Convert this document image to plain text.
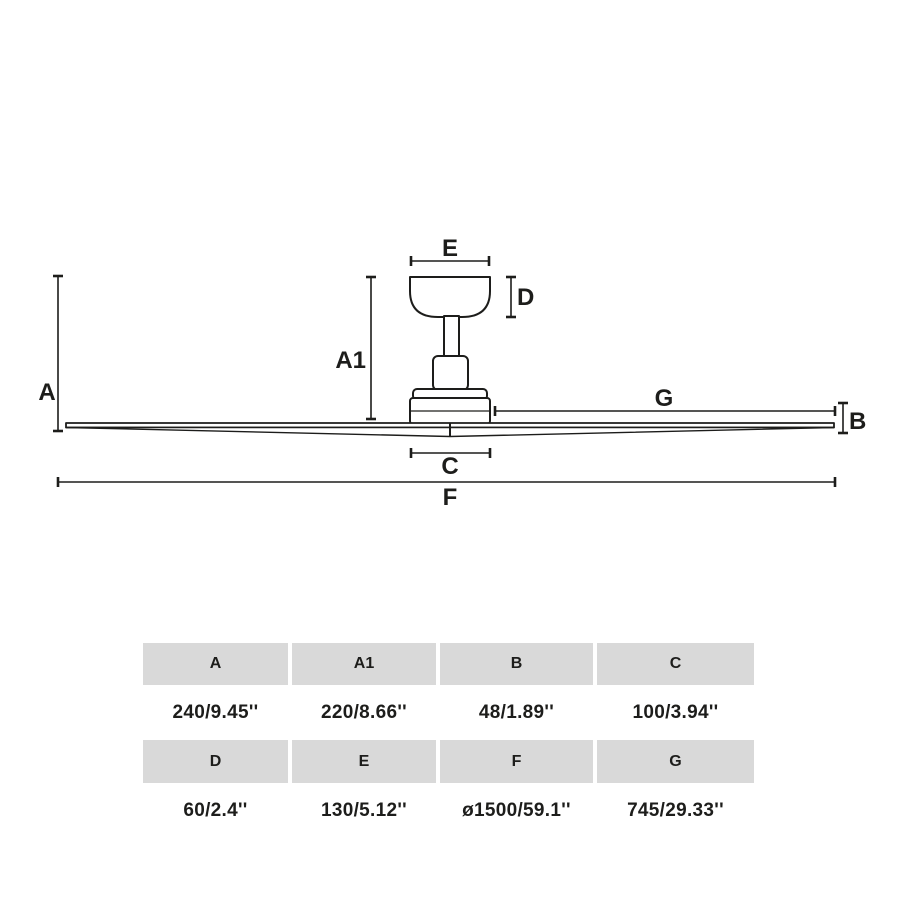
A
A1
E
D
G
B
C
F
A	A1	B	C
240/9.45''	220/8.66''	48/1.89''	100/3.94''
D	E	F	G
60/2.4''	130/5.12''	ø1500/59.1''	745/29.33''
